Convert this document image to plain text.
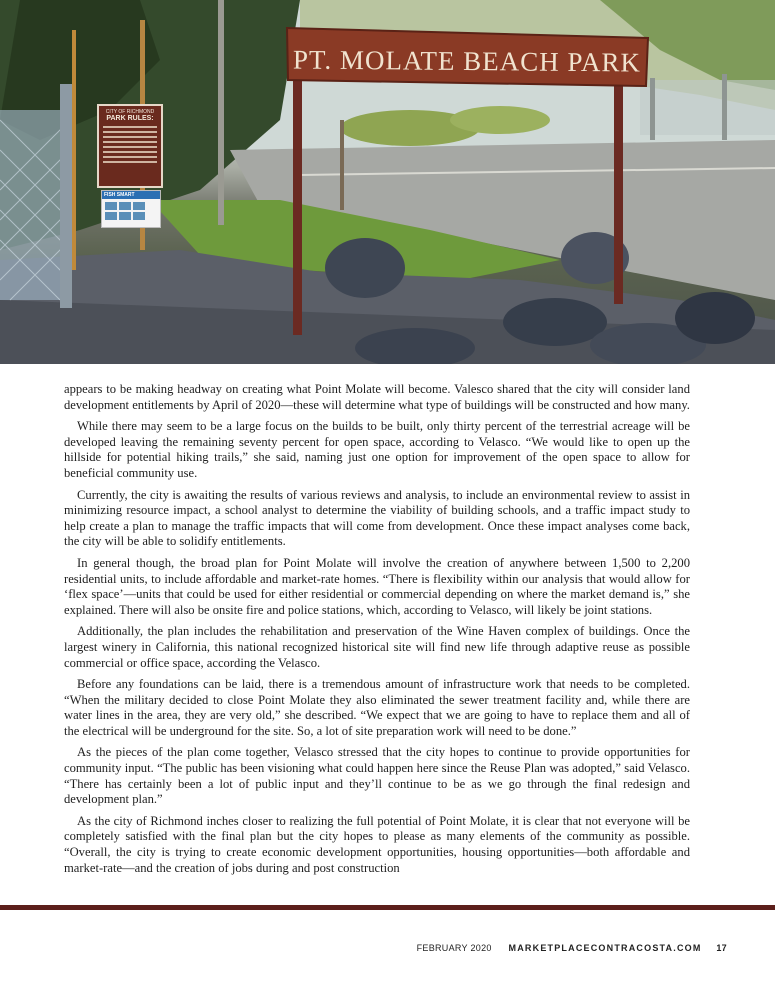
PT. MOLATE BEACH PARK
CITY OF RICHMOND
PARK RULES:
FISH SMART

appears to be making headway on creating what Point Molate will become. Valesco shared that the city will consider land development entitlements by April of 2020—these will determine what type of buildings will be constructed and how many.

While there may seem to be a large focus on the builds to be built, only thirty percent of the terrestrial acreage will be developed leaving the remaining seventy percent for open space, according to Velasco. “We would like to open up the hillside for potential hiking trails,” she said, naming just one option for improvement of the open space to allow for beneficial community use.

Currently, the city is awaiting the results of various reviews and analysis, to include an environmental review to assist in minimizing resource impact, a school analyst to determine the viability of building schools, and a traffic impact study to help create a plan to manage the traffic impacts that will come from development. Once these impact analyses come back, the city will be able to solidify entitlements.

In general though, the broad plan for Point Molate will involve the creation of anywhere between 1,500 to 2,200 residential units, to include affordable and market-rate homes. “There is flexibility within our analysis that would allow for ‘flex space’—units that could be used for either residential or commercial depending on where the market demand is,” she explained. There will also be onsite fire and police stations, which, according to Velasco, will likely be joint stations.

Additionally, the plan includes the rehabilitation and preservation of the Wine Haven complex of buildings. Once the largest winery in California, this national recognized historical site will find new life through adaptive reuse as possible commercial or office space, according the Velasco.

Before any foundations can be laid, there is a tremendous amount of infrastructure work that needs to be completed. “When the military decided to close Point Molate they also eliminated the sewer treatment facility and, while there are water lines in the area, they are very old,” she described. “We expect that we are going to have to replace them and all of the electrical will be underground for the site. So, a lot of site preparation work will need to be done.”

As the pieces of the plan come together, Velasco stressed that the city hopes to continue to provide opportunities for community input. “The public has been visioning what could happen here since the Reuse Plan was adopted,” said Velasco. “There has certainly been a lot of public input and they’ll continue to be as we go through the final redesign and development plan.”

As the city of Richmond inches closer to realizing the full potential of Point Molate, it is clear that not everyone will be completely satisfied with the final plan but the city hopes to please as many elements of the community as possible. “Overall, the city is trying to create economic development opportunities, housing opportunities—both affordable and market-rate—and the creation of jobs during and post construction

FEBRUARY 2020 MARKETPLACECONTRACOSTA.COM 17
